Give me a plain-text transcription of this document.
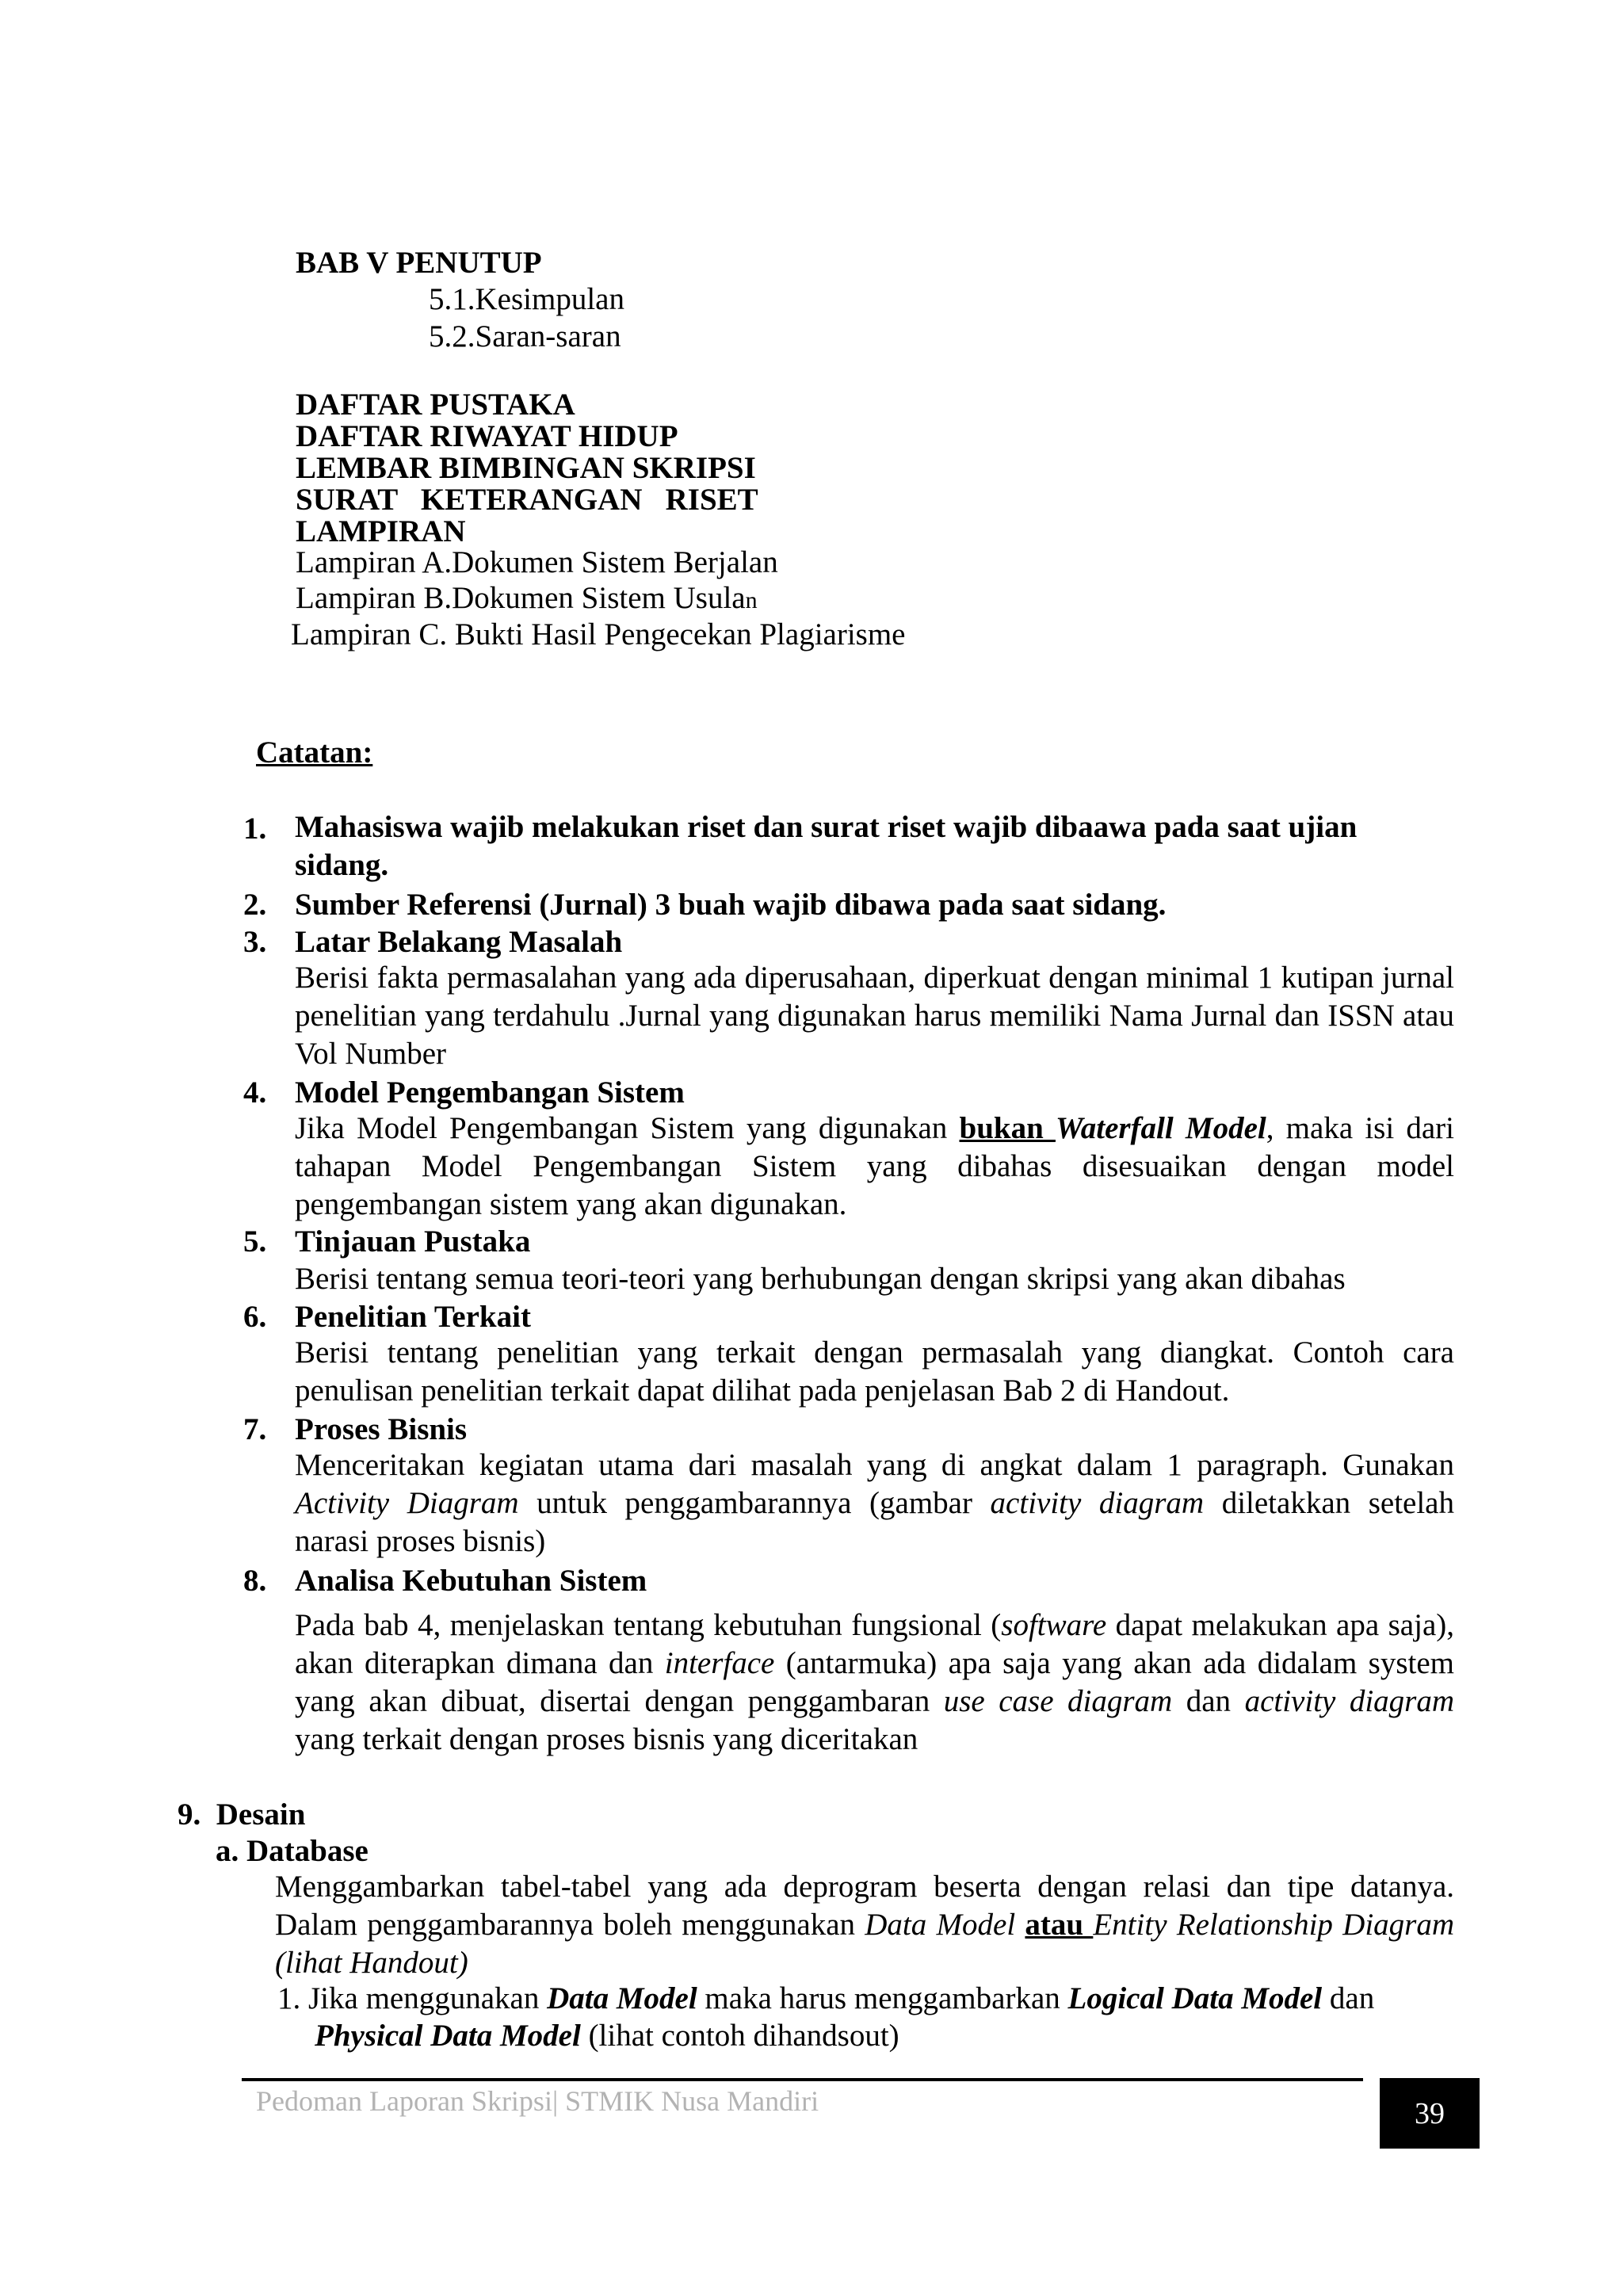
BAB V PENUTUP
5.1.Kesimpulan
5.2.Saran-saran
DAFTAR PUSTAKA
DAFTAR RIWAYAT HIDUP
LEMBAR BIMBINGAN SKRIPSI
SURAT   KETERANGAN   RISET
LAMPIRAN
Lampiran A.Dokumen Sistem Berjalan
Lampiran B.Dokumen Sistem Usulan
Lampiran C. Bukti Hasil Pengecekan Plagiarisme
Catatan:
1. Mahasiswa wajib melakukan riset dan surat riset wajib dibaawa pada saat ujian sidang.
2. Sumber Referensi (Jurnal) 3 buah wajib dibawa pada saat sidang.
3. Latar Belakang Masalah
Berisi fakta permasalahan yang ada diperusahaan, diperkuat dengan minimal 1 kutipan jurnal penelitian yang terdahulu .Jurnal yang digunakan harus memiliki Nama Jurnal dan ISSN atau Vol Number
4. Model Pengembangan Sistem
Jika Model Pengembangan Sistem yang digunakan bukan Waterfall Model, maka isi dari tahapan Model Pengembangan Sistem yang dibahas disesuaikan dengan model pengembangan sistem yang akan digunakan.
5. Tinjauan Pustaka
Berisi tentang semua teori-teori yang berhubungan dengan skripsi yang akan dibahas
6. Penelitian Terkait
Berisi tentang penelitian yang terkait dengan permasalah yang diangkat. Contoh cara penulisan penelitian terkait dapat dilihat pada penjelasan Bab 2 di Handout.
7. Proses Bisnis
Menceritakan kegiatan utama dari masalah yang di angkat dalam 1 paragraph. Gunakan Activity Diagram untuk penggambarannya (gambar activity diagram diletakkan setelah narasi proses bisnis)
8. Analisa Kebutuhan Sistem
Pada bab 4, menjelaskan tentang kebutuhan fungsional (software dapat melakukan apa saja), akan diterapkan dimana dan interface (antarmuka) apa saja yang akan ada didalam system yang akan dibuat, disertai dengan penggambaran use case diagram dan activity diagram yang terkait dengan proses bisnis yang diceritakan
9.  Desain
a. Database
Menggambarkan tabel-tabel yang ada deprogram beserta dengan relasi dan tipe datanya. Dalam penggambarannya boleh menggunakan Data Model atau Entity Relationship Diagram (lihat Handout)
1. Jika menggunakan Data Model maka harus menggambarkan Logical Data Model dan
Physical Data Model (lihat contoh dihandsout)
Pedoman Laporan Skripsi| STMIK Nusa Mandiri	39
